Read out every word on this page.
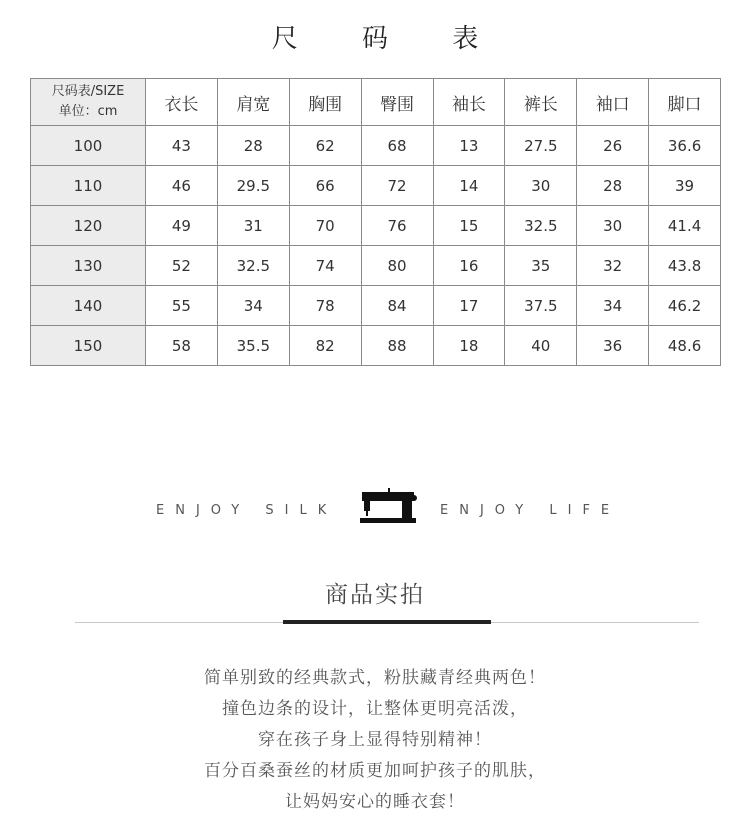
尺 码 表
尺码表/SIZE
单位：cm	衣长	肩宽	胸围	臀围	袖长	裤长	袖口	脚口
100	43	28	62	68	13	27.5	26	36.6
110	46	29.5	66	72	14	30	28	39
120	49	31	70	76	15	32.5	30	41.4
130	52	32.5	74	80	16	35	32	43.8
140	55	34	78	84	17	37.5	34	46.2
150	58	35.5	82	88	18	40	36	48.6
ENJOY SILK	ENJOY LIFE
商品实拍

简单别致的经典款式，粉肤藏青经典两色！

撞色边条的设计，让整体更明亮活泼，

穿在孩子身上显得特别精神！

百分百桑蚕丝的材质更加呵护孩子的肌肤，

让妈妈安心的睡衣套！
